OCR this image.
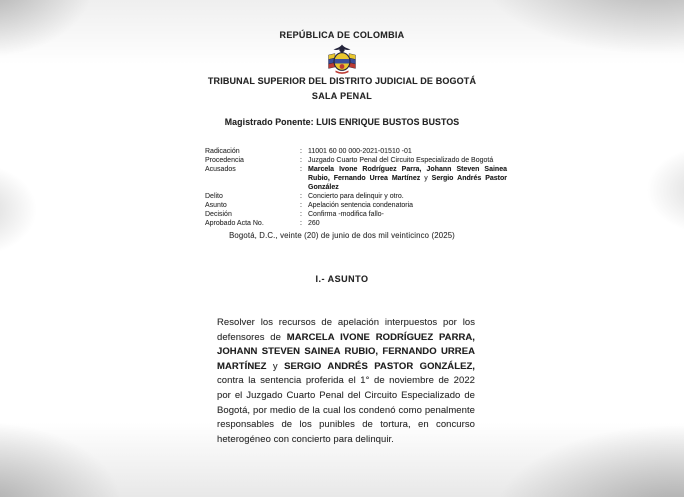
REPÚBLICA DE COLOMBIA
TRIBUNAL SUPERIOR DEL DISTRITO JUDICIAL DE BOGOTÁ
SALA PENAL
Magistrado Ponente: LUIS ENRIQUE BUSTOS BUSTOS
Radicación	: 11001 60 00 000-2021-01510 -01
Procedencia	: Juzgado Cuarto Penal del Circuito Especializado de Bogotá
Acusados	: Marcela Ivone Rodríguez Parra, Johann Steven Sainea Rubio, Fernando Urrea Martínez y Sergio Andrés Pastor González
Delito	: Concierto para delinquir y otro.
Asunto	: Apelación sentencia condenatoria
Decisión	: Confirma -modifica fallo-
Aprobado Acta No.	: 260
Bogotá, D.C., veinte (20) de junio de dos mil veinticinco (2025)
I.- ASUNTO

Resolver los recursos de apelación interpuestos por los defensores de MARCELA IVONE RODRÍGUEZ PARRA, JOHANN STEVEN SAINEA RUBIO, FERNANDO URREA MARTÍNEZ y SERGIO ANDRÉS PASTOR GONZÁLEZ, contra la sentencia proferida el 1° de noviembre de 2022 por el Juzgado Cuarto Penal del Circuito Especializado de Bogotá, por medio de la cual los condenó como penalmente responsables de los punibles de tortura, en concurso heterogéneo con concierto para delinquir.
